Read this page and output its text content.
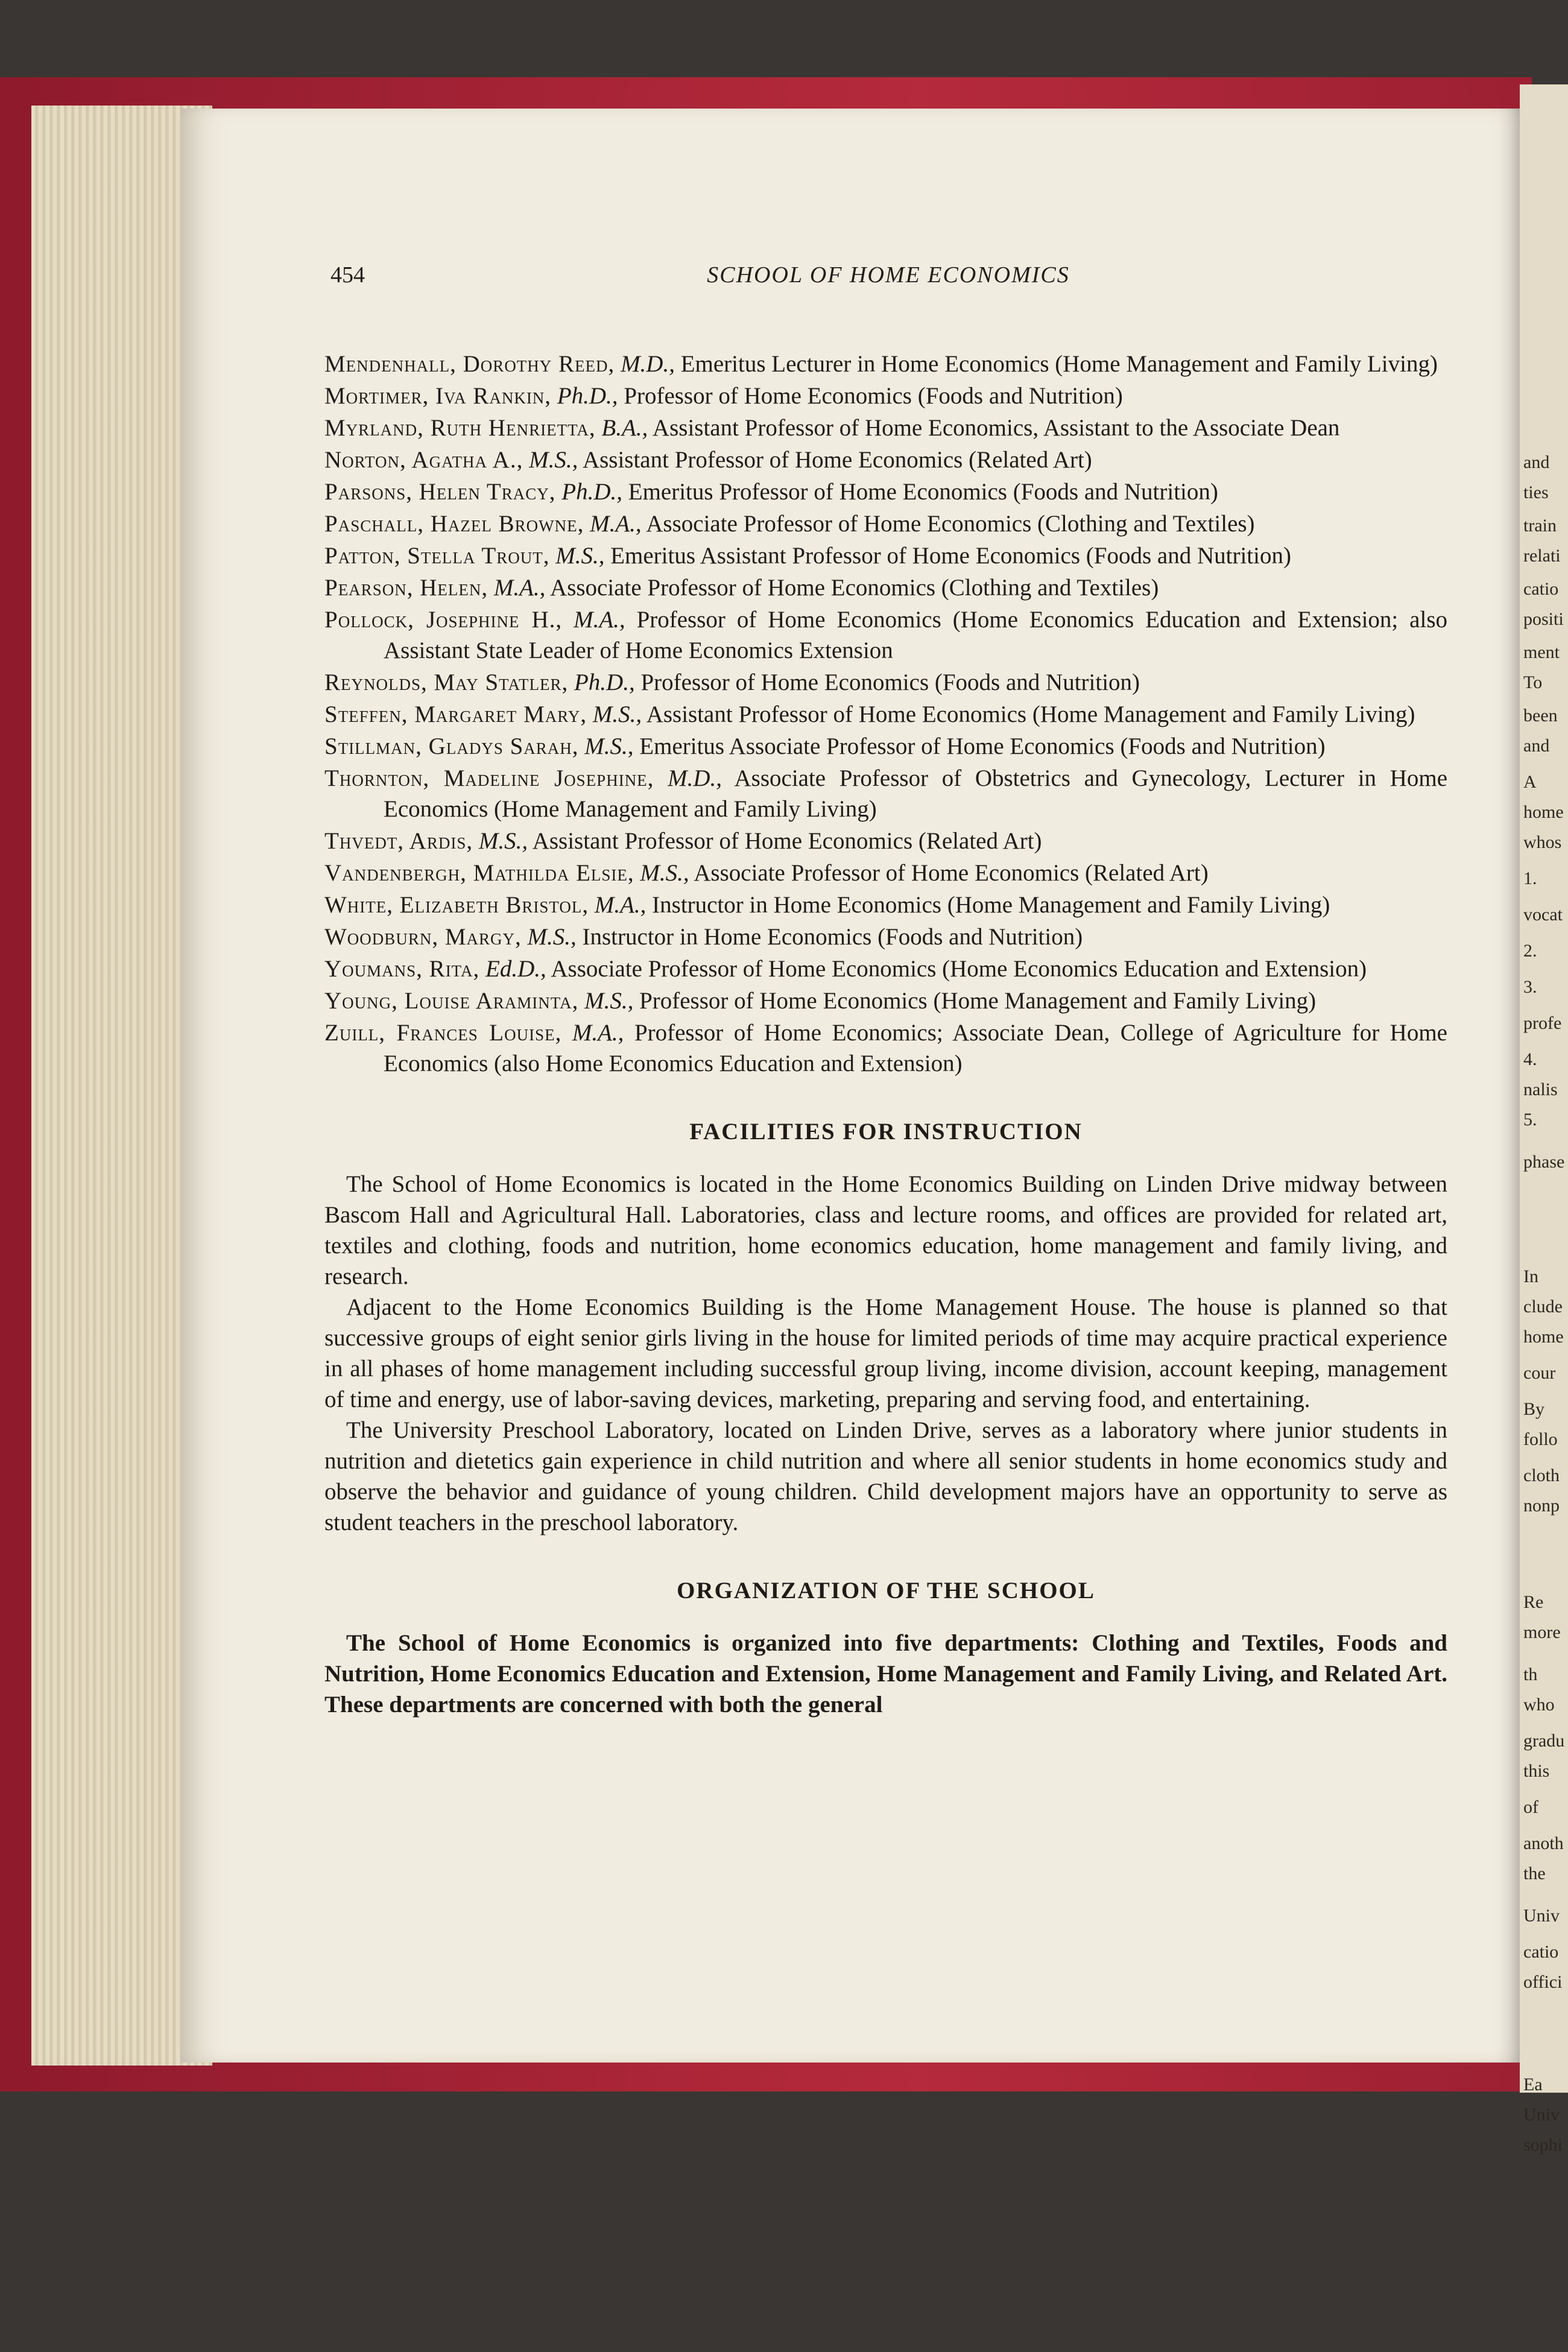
and
ties
train
relati
catio
positi
ment
To
been
and
A
home
whos
1.
vocat
2.
3.
profe
4.
nalis
5.
phase
In
clude
home
cour
By
follo
cloth
nonp
Re
more
th
who
gradu
this
of
anoth
the
Univ
catio
offici
Ea
Univ
sophi
454	SCHOOL OF HOME ECONOMICS

Mendenhall, Dorothy Reed, M.D., Emeritus Lecturer in Home Economics (Home Management and Family Living)

Mortimer, Iva Rankin, Ph.D., Professor of Home Economics (Foods and Nutrition)

Myrland, Ruth Henrietta, B.A., Assistant Professor of Home Economics, Assistant to the Associate Dean

Norton, Agatha A., M.S., Assistant Professor of Home Economics (Related Art)

Parsons, Helen Tracy, Ph.D., Emeritus Professor of Home Economics (Foods and Nutrition)

Paschall, Hazel Browne, M.A., Associate Professor of Home Economics (Clothing and Textiles)

Patton, Stella Trout, M.S., Emeritus Assistant Professor of Home Economics (Foods and Nutrition)

Pearson, Helen, M.A., Associate Professor of Home Economics (Clothing and Textiles)

Pollock, Josephine H., M.A., Professor of Home Economics (Home Economics Education and Extension; also Assistant State Leader of Home Economics Extension

Reynolds, May Statler, Ph.D., Professor of Home Economics (Foods and Nutrition)

Steffen, Margaret Mary, M.S., Assistant Professor of Home Economics (Home Management and Family Living)

Stillman, Gladys Sarah, M.S., Emeritus Associate Professor of Home Economics (Foods and Nutrition)

Thornton, Madeline Josephine, M.D., Associate Professor of Obstetrics and Gynecology, Lecturer in Home Economics (Home Management and Family Living)

Thvedt, Ardis, M.S., Assistant Professor of Home Economics (Related Art)

Vandenbergh, Mathilda Elsie, M.S., Associate Professor of Home Economics (Related Art)

White, Elizabeth Bristol, M.A., Instructor in Home Economics (Home Management and Family Living)

Woodburn, Margy, M.S., Instructor in Home Economics (Foods and Nutrition)

Youmans, Rita, Ed.D., Associate Professor of Home Economics (Home Economics Education and Extension)

Young, Louise Araminta, M.S., Professor of Home Economics (Home Management and Family Living)

Zuill, Frances Louise, M.A., Professor of Home Economics; Associate Dean, College of Agriculture for Home Economics (also Home Economics Education and Extension)

FACILITIES FOR INSTRUCTION

The School of Home Economics is located in the Home Economics Building on Linden Drive midway between Bascom Hall and Agricultural Hall. Laboratories, class and lecture rooms, and offices are provided for related art, textiles and clothing, foods and nutrition, home economics education, home management and family living, and research.

Adjacent to the Home Economics Building is the Home Management House. The house is planned so that successive groups of eight senior girls living in the house for limited periods of time may acquire practical experience in all phases of home management including successful group living, income division, account keeping, management of time and energy, use of labor-saving devices, marketing, preparing and serving food, and entertaining.

The University Preschool Laboratory, located on Linden Drive, serves as a laboratory where junior students in nutrition and dietetics gain experience in child nutrition and where all senior students in home economics study and observe the behavior and guidance of young children. Child development majors have an opportunity to serve as student teachers in the preschool laboratory.

ORGANIZATION OF THE SCHOOL

The School of Home Economics is organized into five departments: Clothing and Textiles, Foods and Nutrition, Home Economics Education and Extension, Home Management and Family Living, and Related Art. These departments are concerned with both the general
